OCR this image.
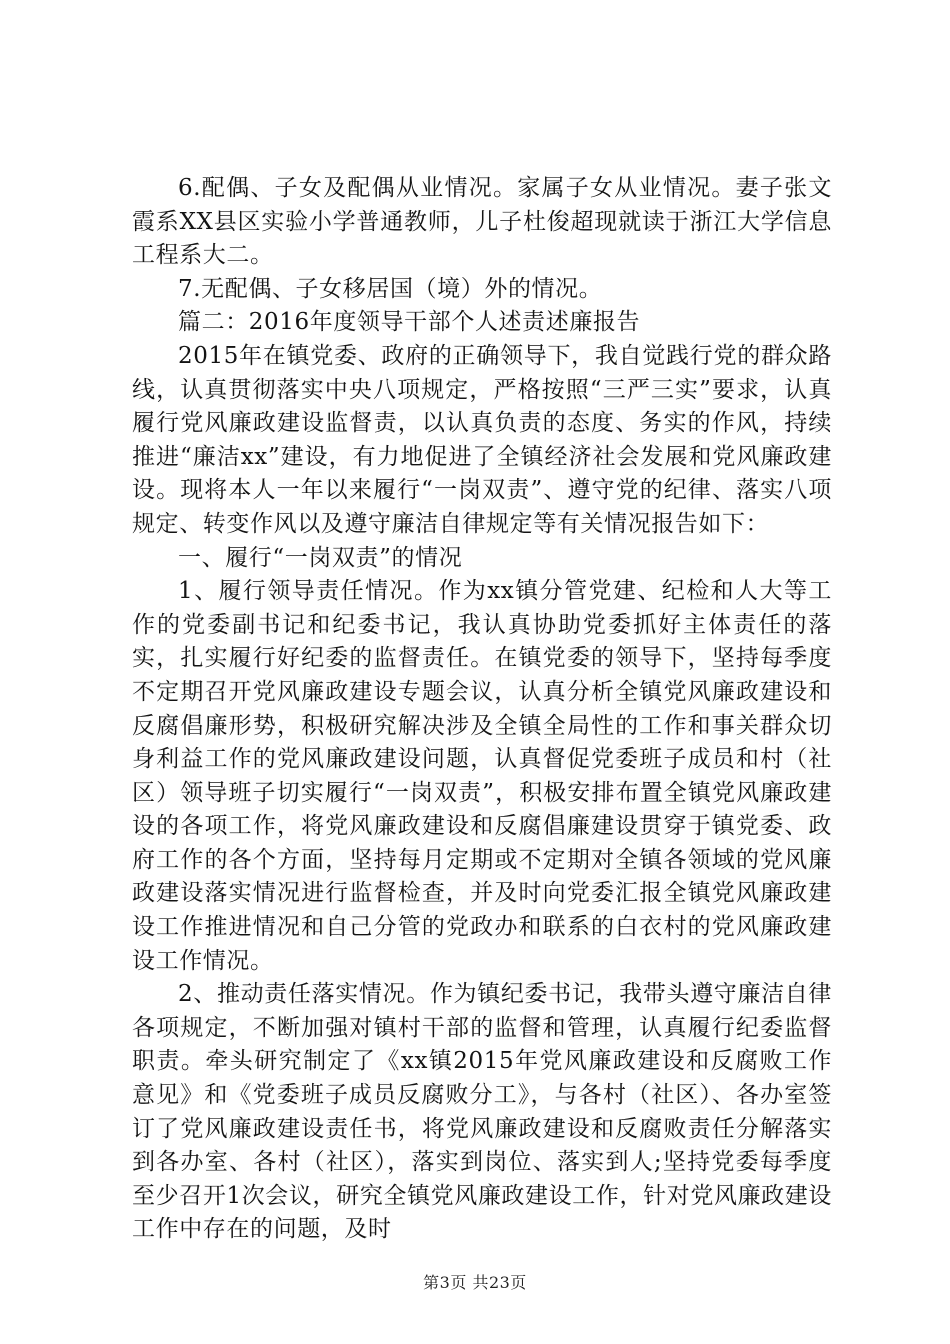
6.配偶、子女及配偶从业情况。家属子女从业情况。妻子张文霞系XX县区实验小学普通教师，儿子杜俊超现就读于浙江大学信息工程系大二。

7.无配偶、子女移居国（境）外的情况。

篇二：2016年度领导干部个人述责述廉报告

2015年在镇党委、政府的正确领导下，我自觉践行党的群众路线，认真贯彻落实中央八项规定，严格按照“三严三实”要求，认真履行党风廉政建设监督责，以认真负责的态度、务实的作风，持续推进“廉洁xx”建设，有力地促进了全镇经济社会发展和党风廉政建设。现将本人一年以来履行“一岗双责”、遵守党的纪律、落实八项规定、转变作风以及遵守廉洁自律规定等有关情况报告如下：

一、履行“一岗双责”的情况

1、履行领导责任情况。作为xx镇分管党建、纪检和人大等工作的党委副书记和纪委书记，我认真协助党委抓好主体责任的落实，扎实履行好纪委的监督责任。在镇党委的领导下，坚持每季度不定期召开党风廉政建设专题会议，认真分析全镇党风廉政建设和反腐倡廉形势，积极研究解决涉及全镇全局性的工作和事关群众切身利益工作的党风廉政建设问题，认真督促党委班子成员和村（社区）领导班子切实履行“一岗双责”，积极安排布置全镇党风廉政建设的各项工作，将党风廉政建设和反腐倡廉建设贯穿于镇党委、政府工作的各个方面，坚持每月定期或不定期对全镇各领域的党风廉政建设落实情况进行监督检查，并及时向党委汇报全镇党风廉政建设工作推进情况和自己分管的党政办和联系的白衣村的党风廉政建设工作情况。

2、推动责任落实情况。作为镇纪委书记，我带头遵守廉洁自律各项规定，不断加强对镇村干部的监督和管理，认真履行纪委监督职责。牵头研究制定了《xx镇2015年党风廉政建设和反腐败工作意见》和《党委班子成员反腐败分工》，与各村（社区）、各办室签订了党风廉政建设责任书，将党风廉政建设和反腐败责任分解落实到各办室、各村（社区），落实到岗位、落实到人;坚持党委每季度至少召开1次会议，研究全镇党风廉政建设工作，针对党风廉政建设工作中存在的问题，及时

第3页 共23页
